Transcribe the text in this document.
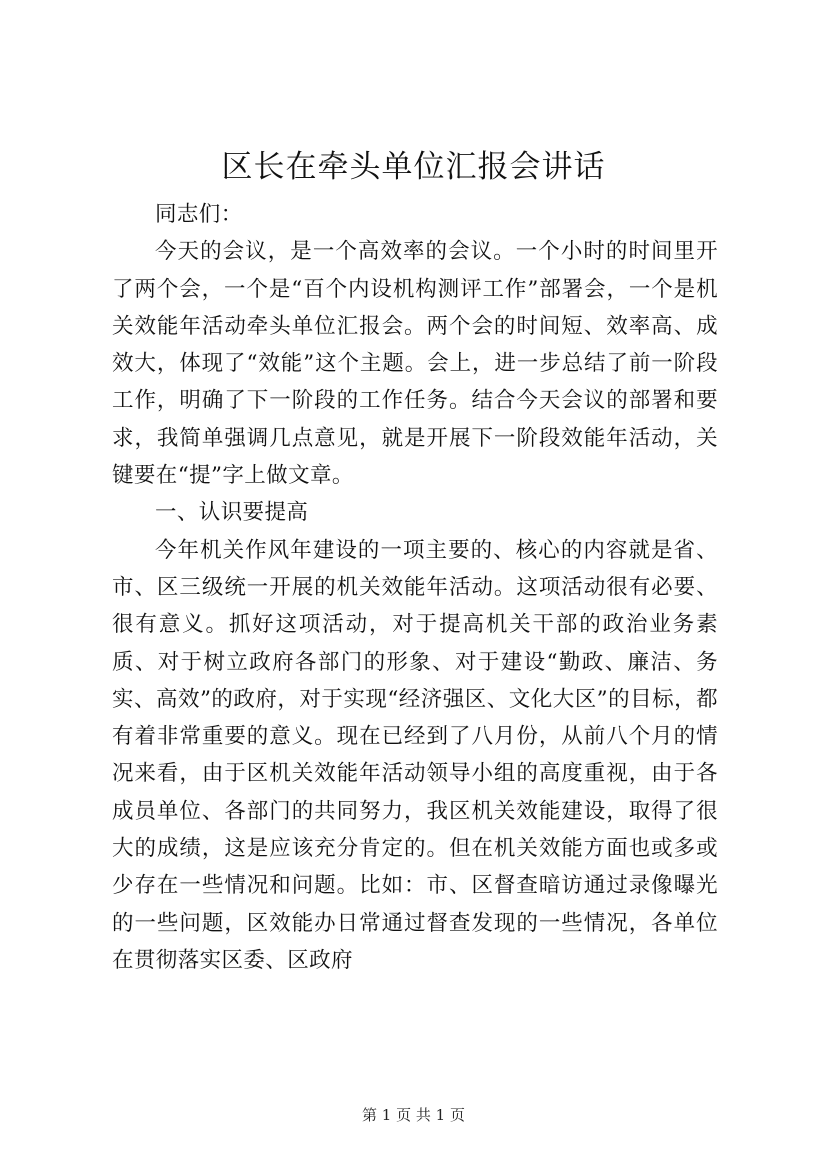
区长在牵头单位汇报会讲话

同志们：

今天的会议，是一个高效率的会议。一个小时的时间里开了两个会，一个是“百个内设机构测评工作”部署会，一个是机关效能年活动牵头单位汇报会。两个会的时间短、效率高、成效大，体现了“效能”这个主题。会上，进一步总结了前一阶段工作，明确了下一阶段的工作任务。结合今天会议的部署和要求，我简单强调几点意见，就是开展下一阶段效能年活动，关键要在“提”字上做文章。

一、认识要提高

今年机关作风年建设的一项主要的、核心的内容就是省、市、区三级统一开展的机关效能年活动。这项活动很有必要、很有意义。抓好这项活动，对于提高机关干部的政治业务素质、对于树立政府各部门的形象、对于建设“勤政、廉洁、务实、高效”的政府，对于实现“经济强区、文化大区”的目标，都有着非常重要的意义。现在已经到了八月份，从前八个月的情况来看，由于区机关效能年活动领导小组的高度重视，由于各成员单位、各部门的共同努力，我区机关效能建设，取得了很大的成绩，这是应该充分肯定的。但在机关效能方面也或多或少存在一些情况和问题。比如：市、区督查暗访通过录像曝光的一些问题，区效能办日常通过督查发现的一些情况，各单位在贯彻落实区委、区政府

第 1 页 共 1 页
